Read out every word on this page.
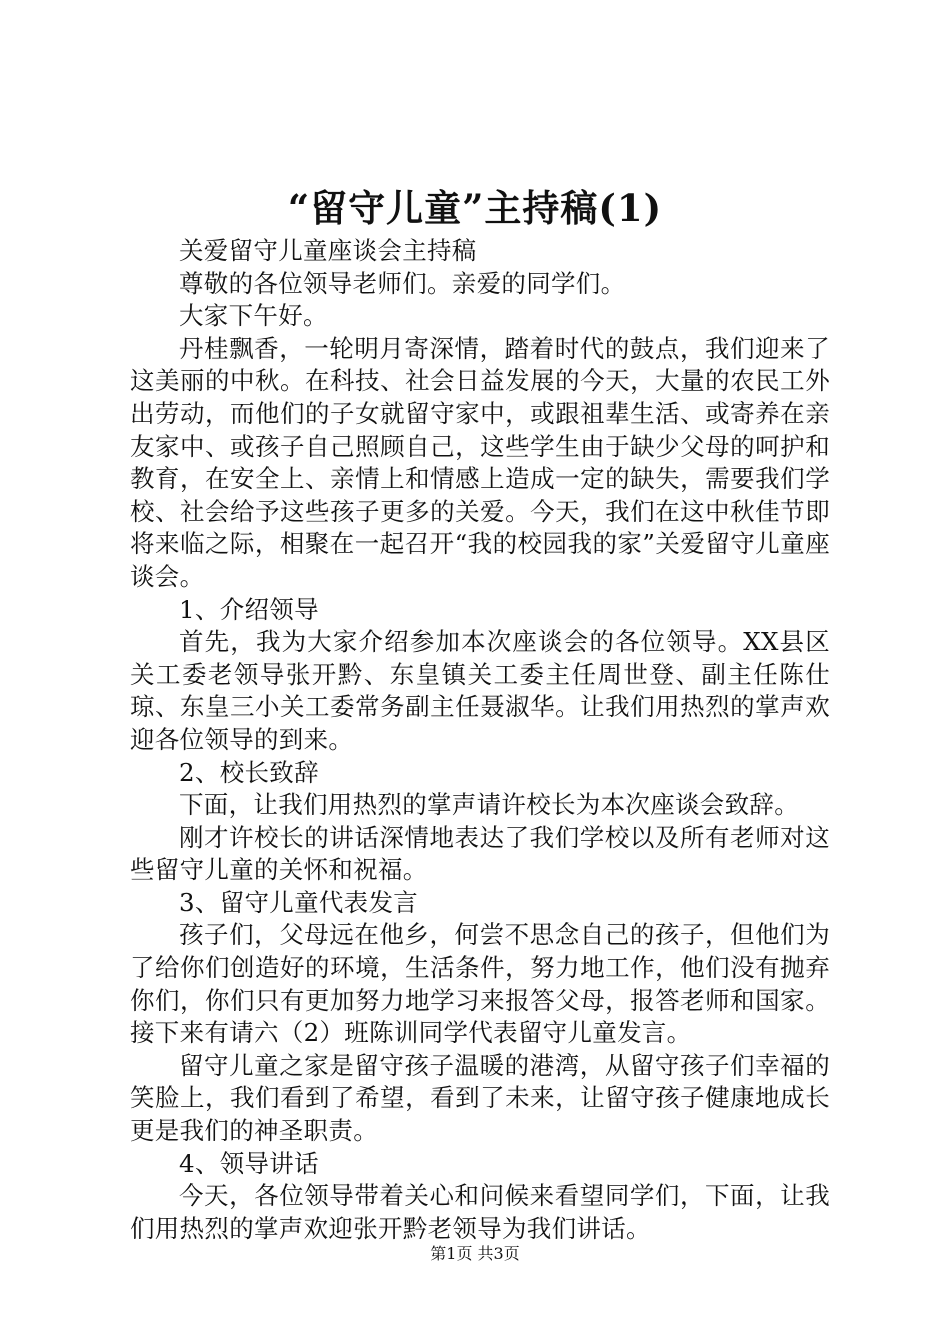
“留守儿童”主持稿(1)

关爱留守儿童座谈会主持稿

尊敬的各位领导老师们。亲爱的同学们。

大家下午好。

丹桂飘香，一轮明月寄深情，踏着时代的鼓点，我们迎来了这美丽的中秋。在科技、社会日益发展的今天，大量的农民工外出劳动，而他们的子女就留守家中，或跟祖辈生活、或寄养在亲友家中、或孩子自己照顾自己，这些学生由于缺少父母的呵护和教育，在安全上、亲情上和情感上造成一定的缺失，需要我们学校、社会给予这些孩子更多的关爱。今天，我们在这中秋佳节即将来临之际，相聚在一起召开“我的校园我的家”关爱留守儿童座谈会。

1、介绍领导

首先，我为大家介绍参加本次座谈会的各位领导。XX县区关工委老领导张开黔、东皇镇关工委主任周世登、副主任陈仕琼、东皇三小关工委常务副主任聂淑华。让我们用热烈的掌声欢迎各位领导的到来。

2、校长致辞

下面，让我们用热烈的掌声请许校长为本次座谈会致辞。

刚才许校长的讲话深情地表达了我们学校以及所有老师对这些留守儿童的关怀和祝福。

3、留守儿童代表发言

孩子们，父母远在他乡，何尝不思念自己的孩子，但他们为了给你们创造好的环境，生活条件，努力地工作，他们没有抛弃你们，你们只有更加努力地学习来报答父母，报答老师和国家。接下来有请六（2）班陈训同学代表留守儿童发言。

留守儿童之家是留守孩子温暖的港湾，从留守孩子们幸福的笑脸上，我们看到了希望，看到了未来，让留守孩子健康地成长更是我们的神圣职责。

4、领导讲话

今天，各位领导带着关心和问候来看望同学们，下面，让我们用热烈的掌声欢迎张开黔老领导为我们讲话。

第1页 共3页
